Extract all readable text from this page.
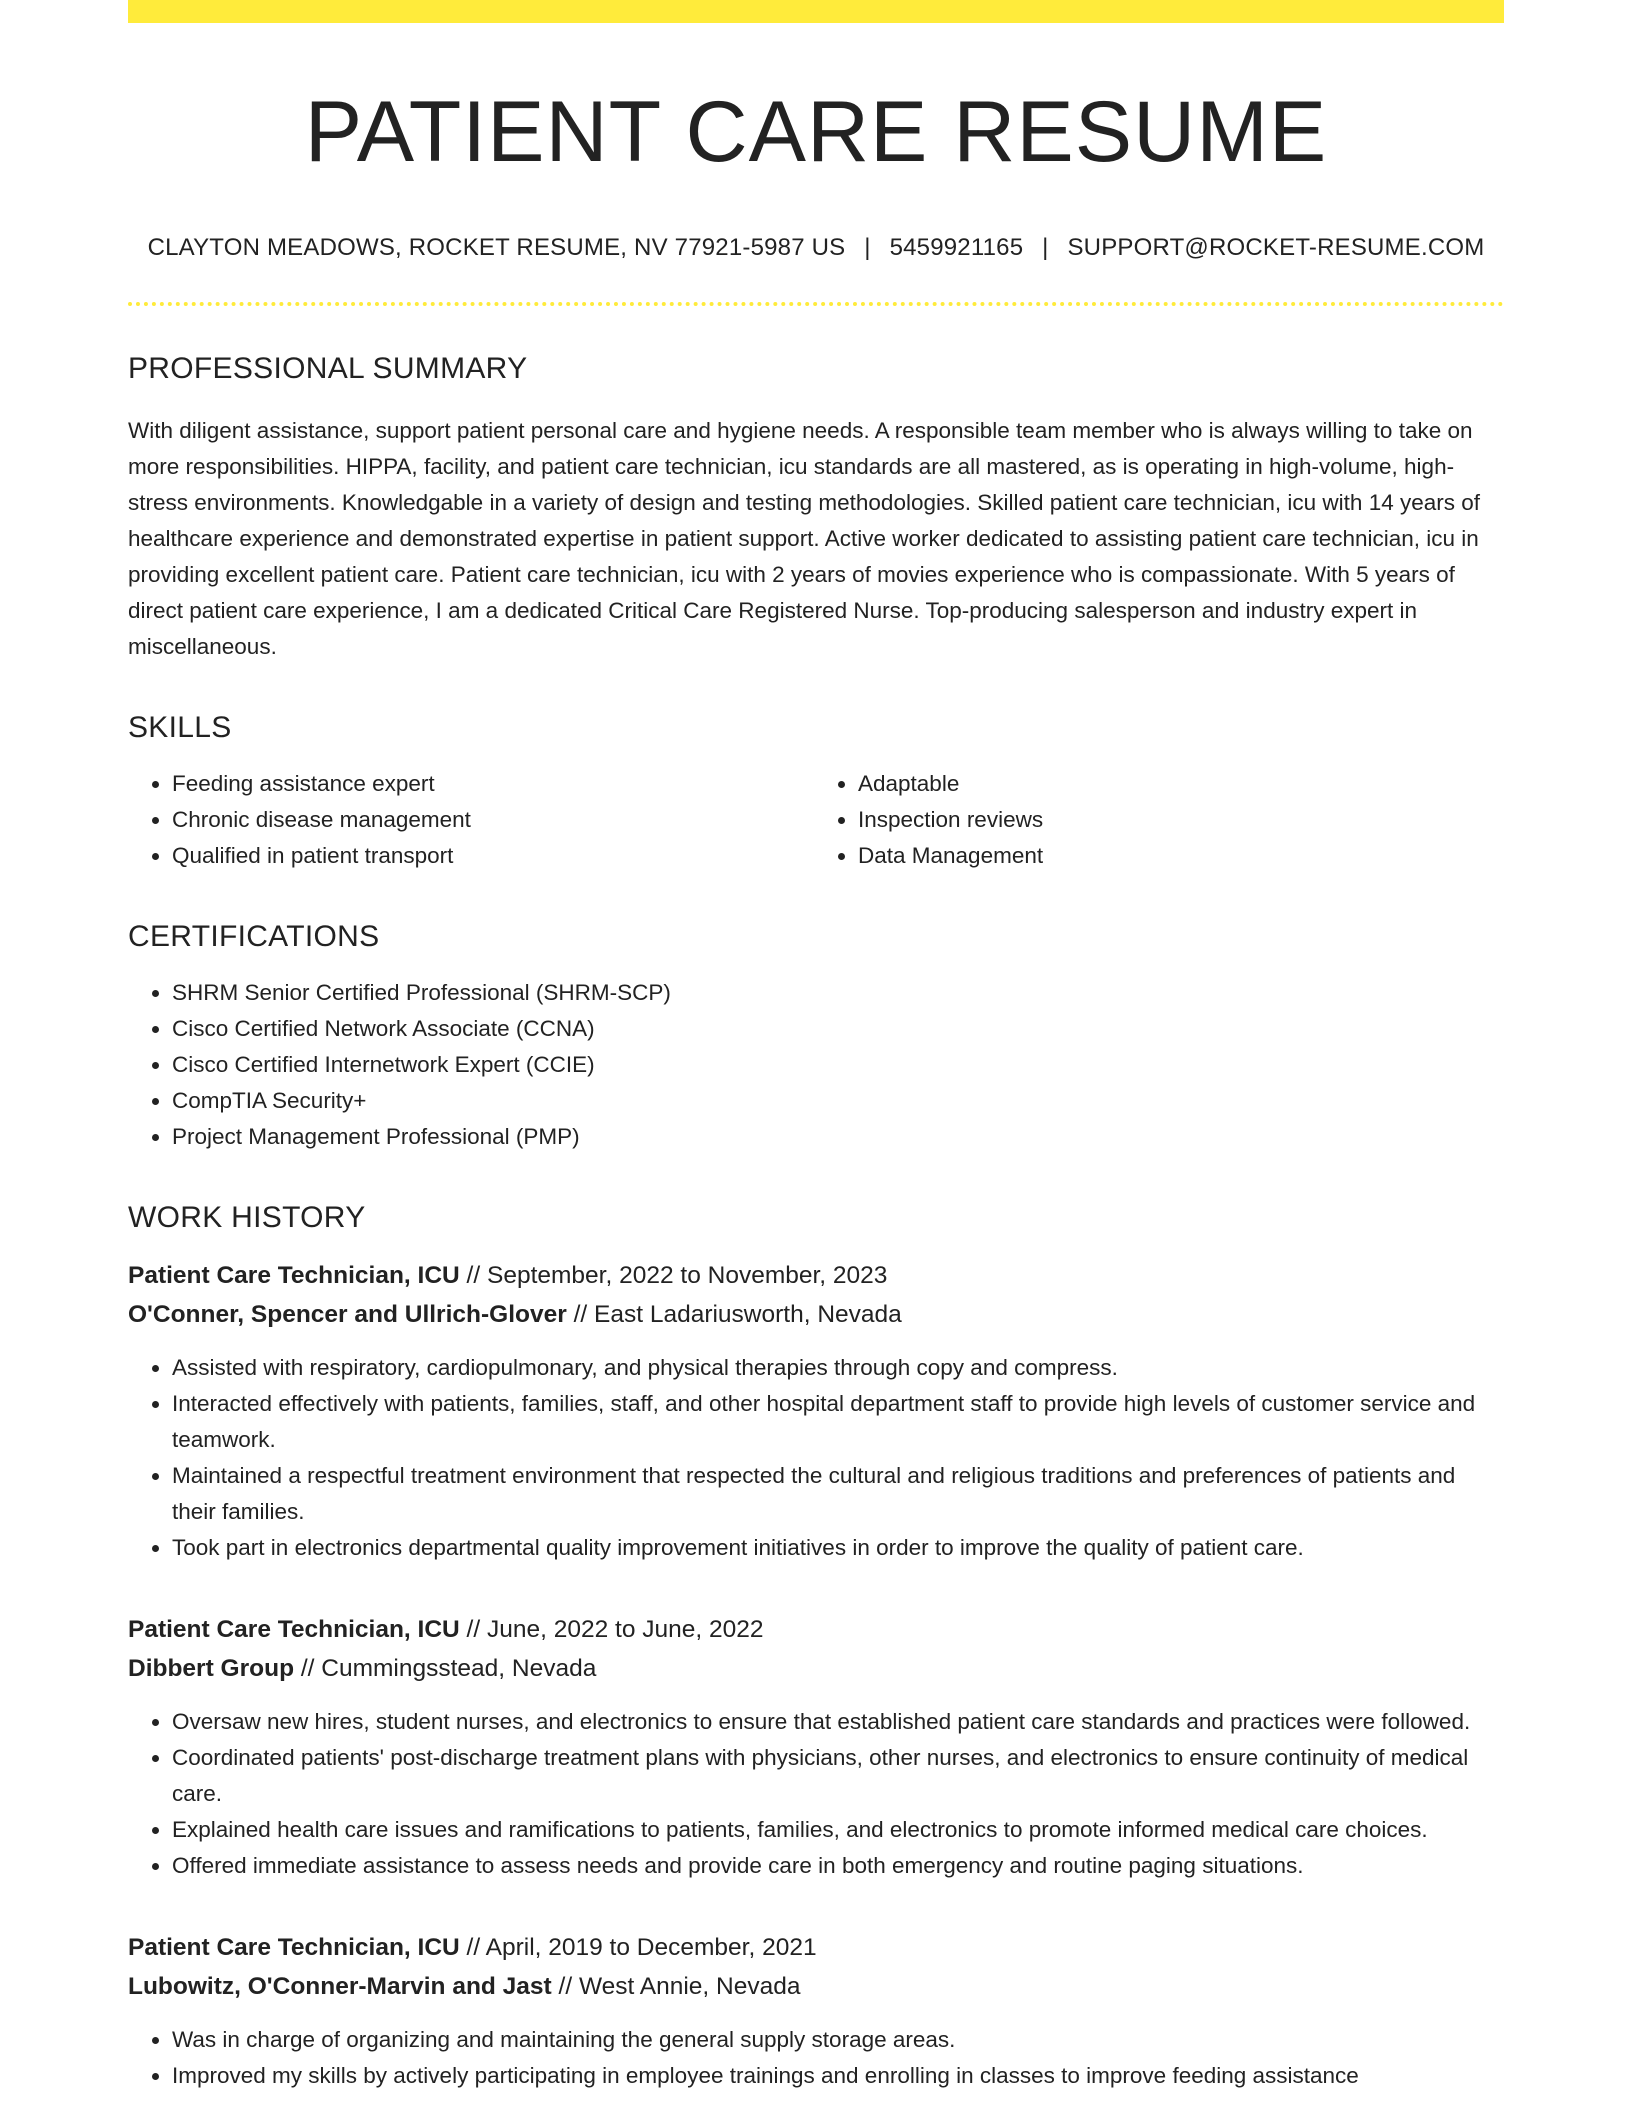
PATIENT CARE RESUME
CLAYTON MEADOWS, ROCKET RESUME, NV 77921-5987 US | 5459921165 | SUPPORT@ROCKET-RESUME.COM
PROFESSIONAL SUMMARY

With diligent assistance, support patient personal care and hygiene needs. A responsible team member who is always willing to take on more responsibilities. HIPPA, facility, and patient care technician, icu standards are all mastered, as is operating in high-volume, high-stress environments. Knowledgable in a variety of design and testing methodologies. Skilled patient care technician, icu with 14 years of healthcare experience and demonstrated expertise in patient support. Active worker dedicated to assisting patient care technician, icu in providing excellent patient care. Patient care technician, icu with 2 years of movies experience who is compassionate. With 5 years of direct patient care experience, I am a dedicated Critical Care Registered Nurse. Top-producing salesperson and industry expert in miscellaneous.

SKILLS
• Feeding assistance expert
• Chronic disease management
• Qualified in patient transport
• Adaptable
• Inspection reviews
• Data Management
CERTIFICATIONS
• SHRM Senior Certified Professional (SHRM-SCP)
• Cisco Certified Network Associate (CCNA)
• Cisco Certified Internetwork Expert (CCIE)
• CompTIA Security+
• Project Management Professional (PMP)
WORK HISTORY
Patient Care Technician, ICU // September, 2022 to November, 2023
O'Conner, Spencer and Ullrich-Glover // East Ladariusworth, Nevada
• Assisted with respiratory, cardiopulmonary, and physical therapies through copy and compress.
• Interacted effectively with patients, families, staff, and other hospital department staff to provide high levels of customer service and teamwork.
• Maintained a respectful treatment environment that respected the cultural and religious traditions and preferences of patients and their families.
• Took part in electronics departmental quality improvement initiatives in order to improve the quality of patient care.
Patient Care Technician, ICU // June, 2022 to June, 2022
Dibbert Group // Cummingsstead, Nevada
• Oversaw new hires, student nurses, and electronics to ensure that established patient care standards and practices were followed.
• Coordinated patients' post-discharge treatment plans with physicians, other nurses, and electronics to ensure continuity of medical care.
• Explained health care issues and ramifications to patients, families, and electronics to promote informed medical care choices.
• Offered immediate assistance to assess needs and provide care in both emergency and routine paging situations.
Patient Care Technician, ICU // April, 2019 to December, 2021
Lubowitz, O'Conner-Marvin and Jast // West Annie, Nevada
• Was in charge of organizing and maintaining the general supply storage areas.
• Improved my skills by actively participating in employee trainings and enrolling in classes to improve feeding assistance
